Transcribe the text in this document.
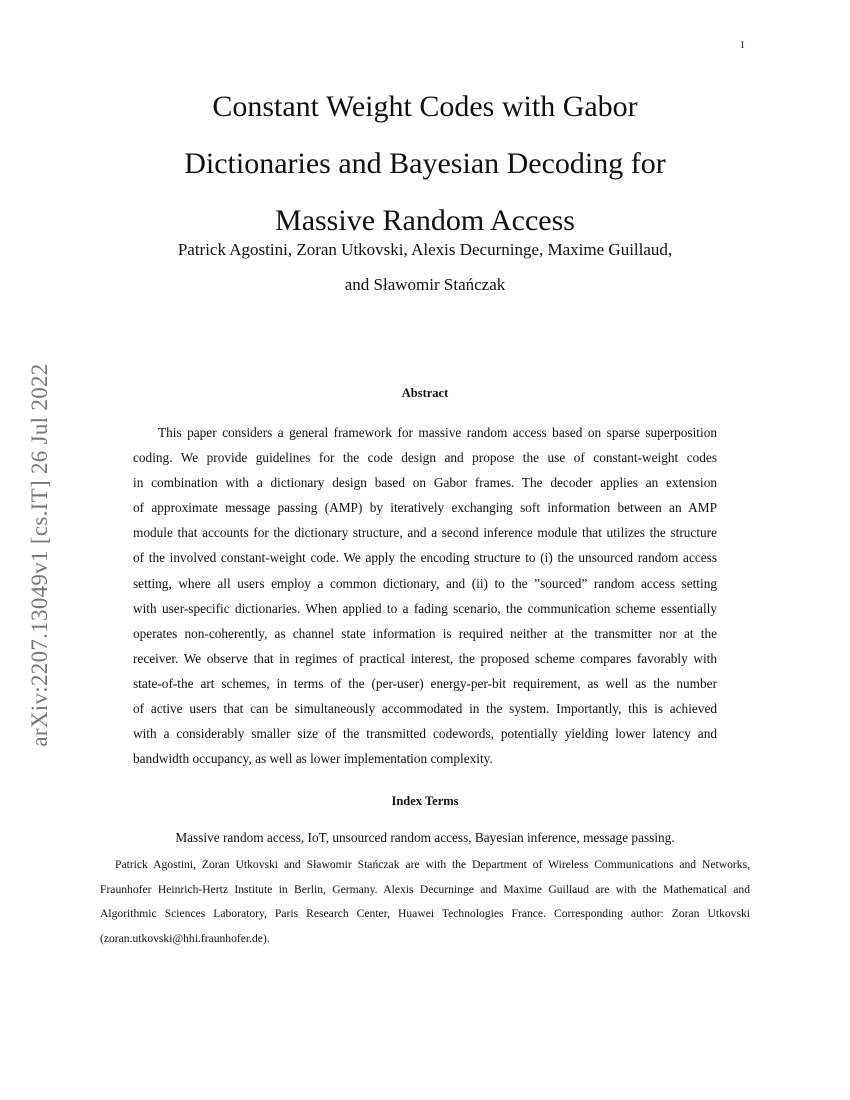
1
arXiv:2207.13049v1 [cs.IT] 26 Jul 2022
Constant Weight Codes with Gabor
Dictionaries and Bayesian Decoding for
Massive Random Access
Patrick Agostini, Zoran Utkovski, Alexis Decurninge, Maxime Guillaud,
and Sławomir Stańczak
Abstract
This paper considers a general framework for massive random access based on sparse superposition
coding. We provide guidelines for the code design and propose the use of constant-weight codes
in combination with a dictionary design based on Gabor frames. The decoder applies an extension
of approximate message passing (AMP) by iteratively exchanging soft information between an AMP
module that accounts for the dictionary structure, and a second inference module that utilizes the structure
of the involved constant-weight code. We apply the encoding structure to (i) the unsourced random access
setting, where all users employ a common dictionary, and (ii) to the ”sourced” random access setting
with user-specific dictionaries. When applied to a fading scenario, the communication scheme essentially
operates non-coherently, as channel state information is required neither at the transmitter nor at the
receiver. We observe that in regimes of practical interest, the proposed scheme compares favorably with
state-of-the art schemes, in terms of the (per-user) energy-per-bit requirement, as well as the number
of active users that can be simultaneously accommodated in the system. Importantly, this is achieved
with a considerably smaller size of the transmitted codewords, potentially yielding lower latency and
bandwidth occupancy, as well as lower implementation complexity.
Index Terms
Massive random access, IoT, unsourced random access, Bayesian inference, message passing.
Patrick Agostini, Zoran Utkovski and Sławomir Stańczak are with the Department of Wireless Communications and Networks,
Fraunhofer Heinrich-Hertz Institute in Berlin, Germany. Alexis Decurninge and Maxime Guillaud are with the Mathematical and
Algorithmic Sciences Laboratory, Paris Research Center, Huawei Technologies France. Corresponding author: Zoran Utkovski
(zoran.utkovski@hhi.fraunhofer.de).
